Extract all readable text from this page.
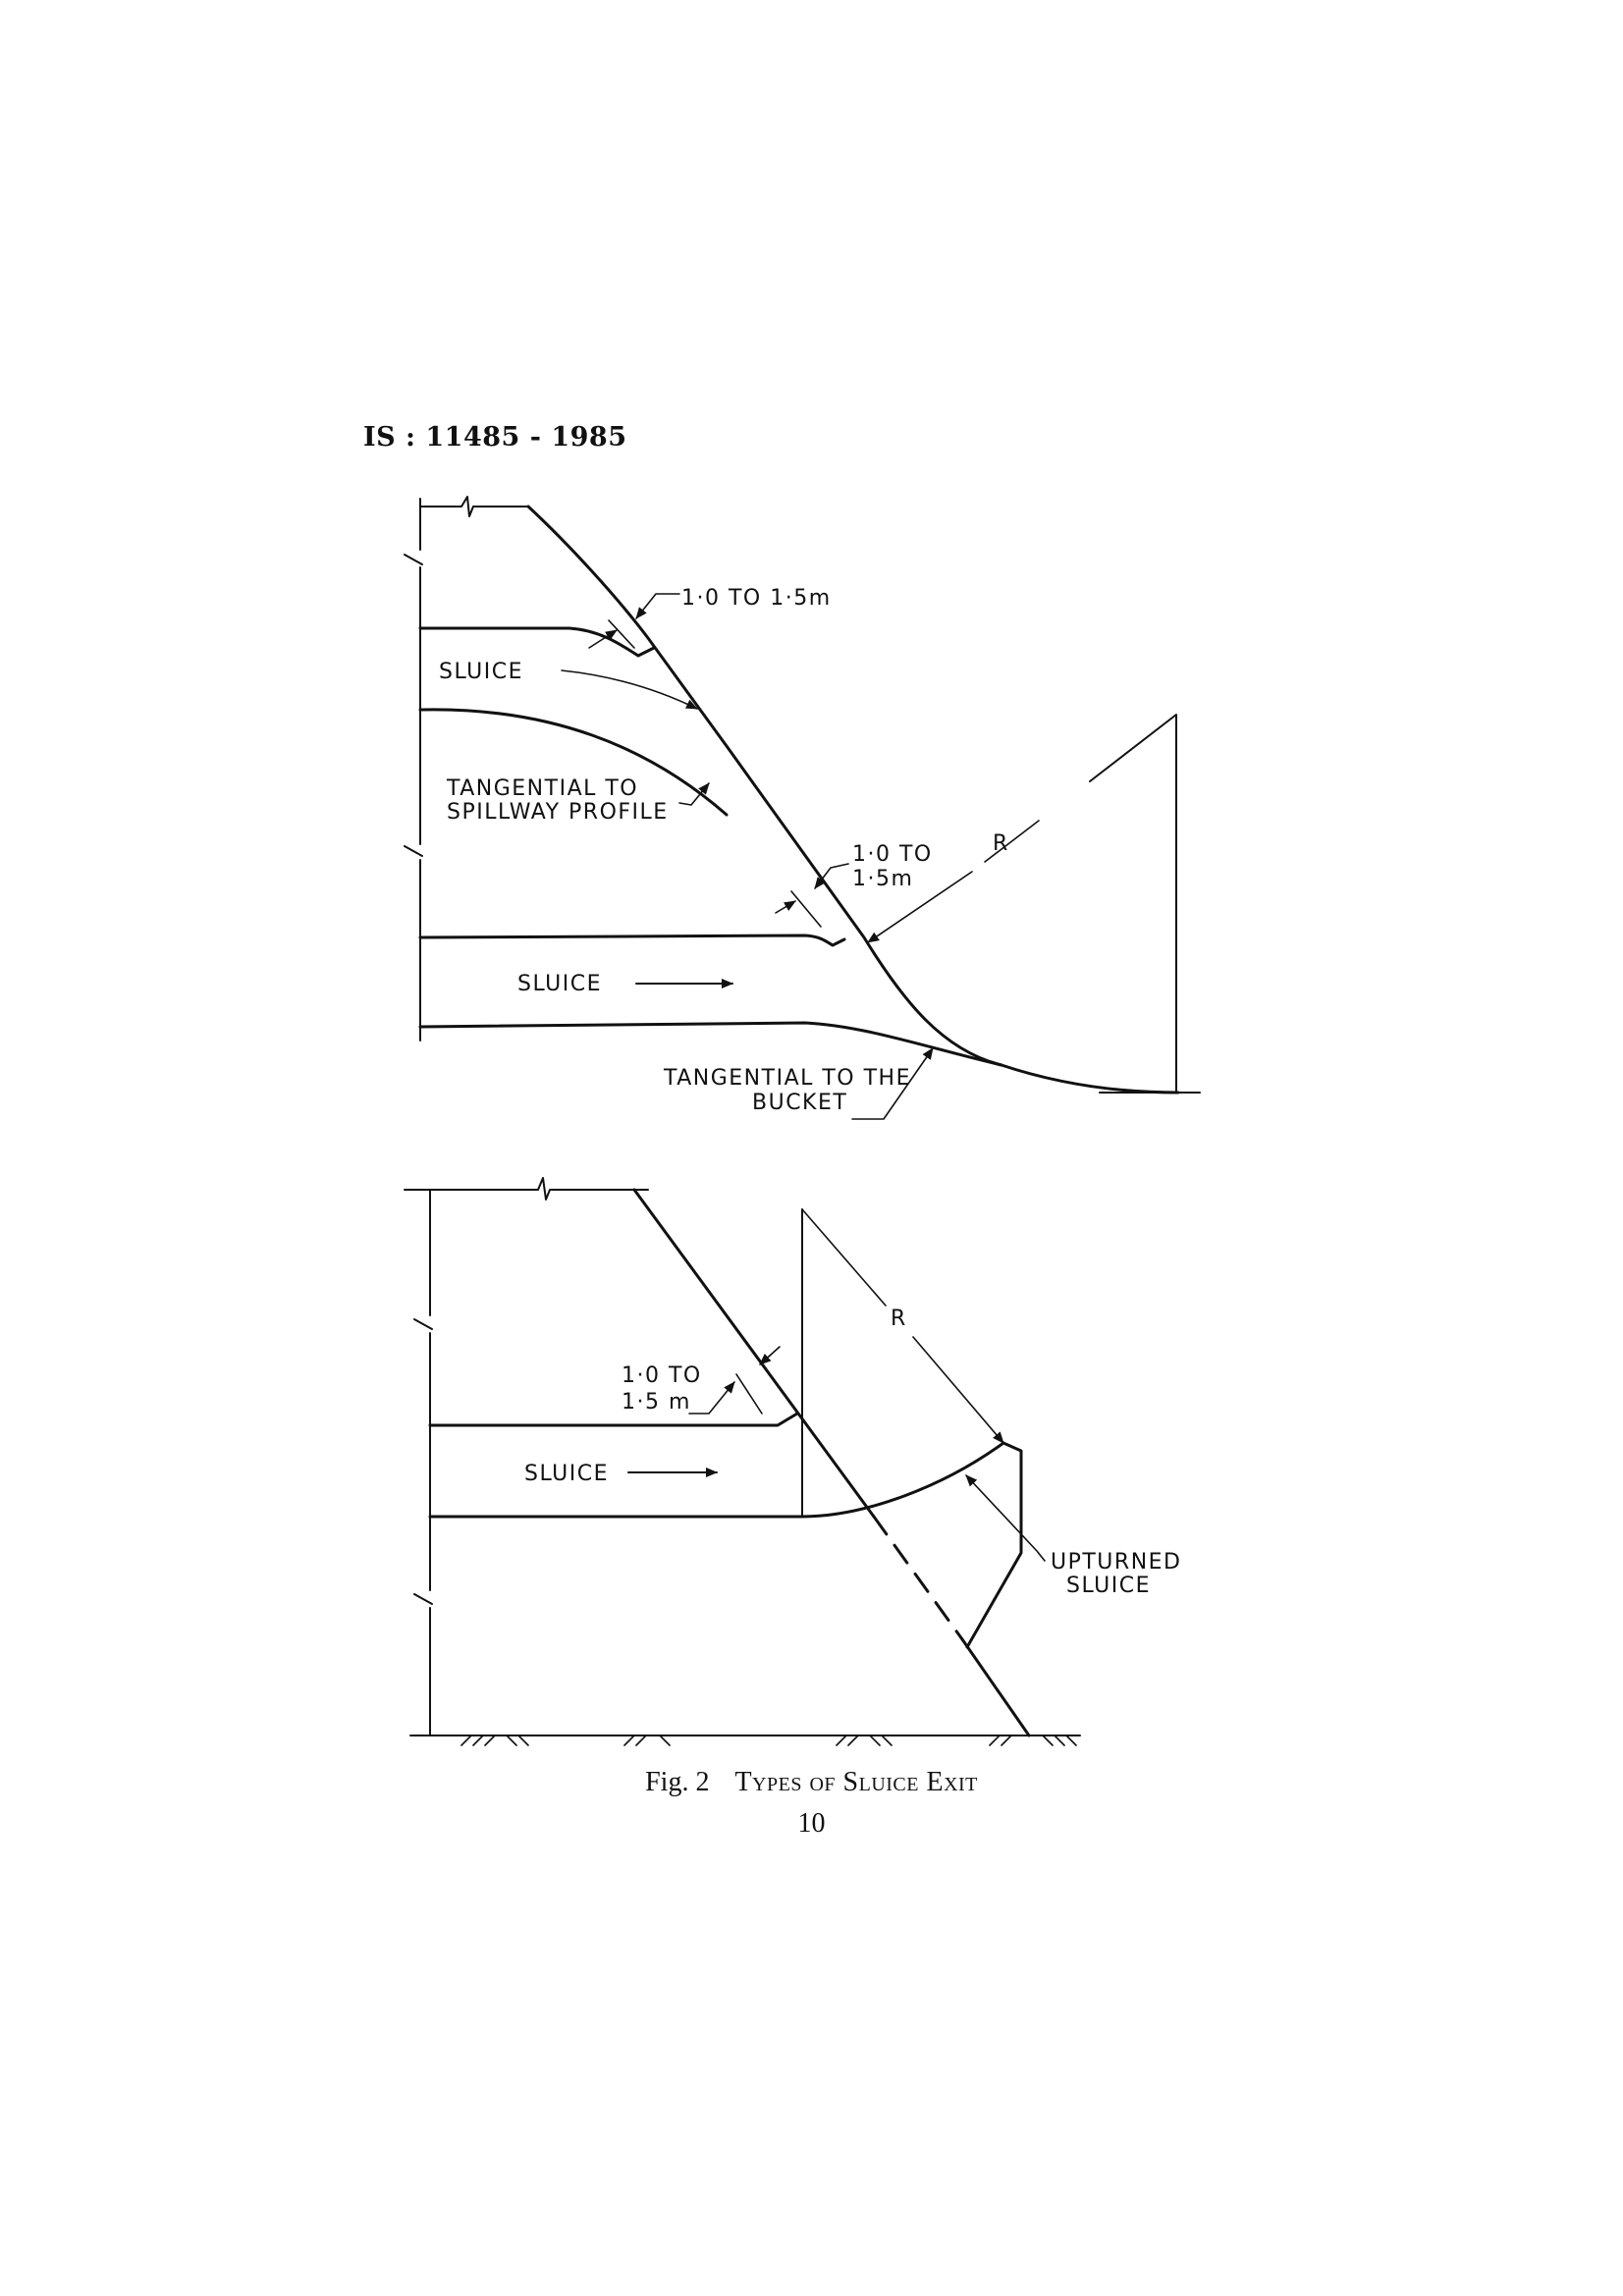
IS : 11485 - 1985
1·0 TO 1·5m
SLUICE
TANGENTIAL TO
SPILLWAY PROFILE
1·0 TO
1·5m
R
SLUICE
TANGENTIAL TO THE
BUCKET
1·0 TO
1·5 m
SLUICE
R
UPTURNED
SLUICE
Fig. 2 Types of Sluice Exit
10
